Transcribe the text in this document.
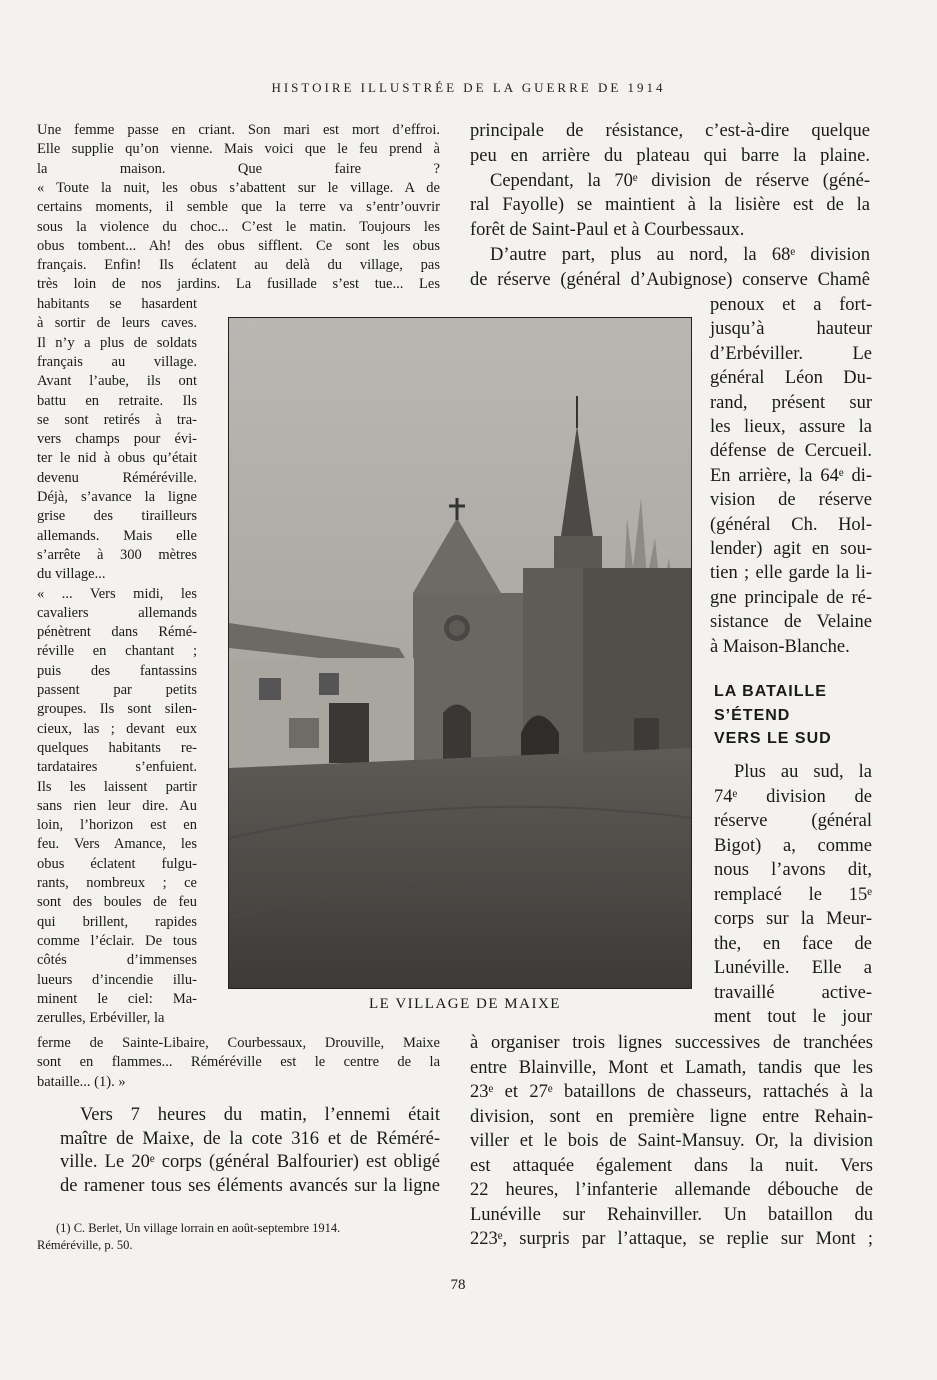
HISTOIRE ILLUSTRÉE DE LA GUERRE DE 1914
Une femme passe en criant. Son mari est mort d’effroi.
Elle supplie qu’on vienne. Mais voici que le feu prend à
la maison. Que faire ?
« Toute la nuit, les obus s’abattent sur le village. A de
certains moments, il semble que la terre va s’entr’ouvrir
sous la violence du choc... C’est le matin. Toujours les
obus tombent... Ah! des obus sifflent. Ce sont les obus
français. Enfin! Ils éclatent au delà du village, pas
très loin de nos jardins. La fusillade s’est tue... Les
habitants se hasardent
à sortir de leurs caves.
Il n’y a plus de soldats
français au village.
Avant l’aube, ils ont
battu en retraite. Ils
se sont retirés à tra-
vers champs pour évi-
ter le nid à obus qu’était
devenu Réméréville.
Déjà, s’avance la ligne
grise des tirailleurs
allemands. Mais elle
s’arrête à 300 mètres
du village...
« ... Vers midi, les
cavaliers allemands
pénètrent dans Rémé-
réville en chantant ;
puis des fantassins
passent par petits
groupes. Ils sont silen-
cieux, las ; devant eux
quelques habitants re-
tardataires s’enfuient.
Ils les laissent partir
sans rien leur dire. Au
loin, l’horizon est en
feu. Vers Amance, les
obus éclatent fulgu-
rants, nombreux ; ce
sont des boules de feu
qui brillent, rapides
comme l’éclair. De tous
côtés d’immenses
lueurs d’incendie illu-
minent le ciel: Ma-
zerulles, Erbéviller, la
ferme de Sainte-Libaire, Courbessaux, Drouville, Maixe
sont en flammes... Réméréville est le centre de la
bataille... (1). »
Vers 7 heures du matin, l’ennemi était
maître de Maixe, de la cote 316 et de Réméré-
ville. Le 20ᵉ corps (général Balfourier) est obligé
de ramener tous ses éléments avancés sur la ligne
principale de résistance, c’est-à-dire quelque
peu en arrière du plateau qui barre la plaine.
Cependant, la 70ᵉ division de réserve (géné-
ral Fayolle) se maintient à la lisière est de la
forêt de Saint-Paul et à Courbessaux.
D’autre part, plus au nord, la 68ᵉ division
de réserve (général d’Aubignose) conserve Chamê
penoux et a fort-
jusqu’à hauteur
d’Erbéviller. Le
général Léon Du-
rand, présent sur
les lieux, assure la
défense de Cercueil.
En arrière, la 64ᵉ di-
vision de réserve
(général Ch. Hol-
lender) agit en sou-
tien ; elle garde la li-
gne principale de ré-
sistance de Velaine
à Maison-Blanche.
Plus au sud, la
74ᵉ division de
réserve (général
Bigot) a, comme
nous l’avons dit,
remplacé le 15ᵉ
corps sur la Meur-
the, en face de
Lunéville. Elle a
travaillé active-
ment tout le jour
à organiser trois lignes successives de tranchées
entre Blainville, Mont et Lamath, tandis que les
23ᵉ et 27ᵉ bataillons de chasseurs, rattachés à la
division, sont en première ligne entre Rehain-
viller et le bois de Saint-Mansuy. Or, la division
est attaquée également dans la nuit. Vers
22 heures, l’infanterie allemande débouche de
Lunéville sur Rehainviller. Un bataillon du
223ᵉ, surpris par l’attaque, se replie sur Mont ;
LA BATAILLE
S’ÉTEND
VERS LE SUD
LE VILLAGE DE MAIXE
(1) C. Berlet, Un village lorrain en août-septembre 1914.
Réméréville, p. 50.
78
